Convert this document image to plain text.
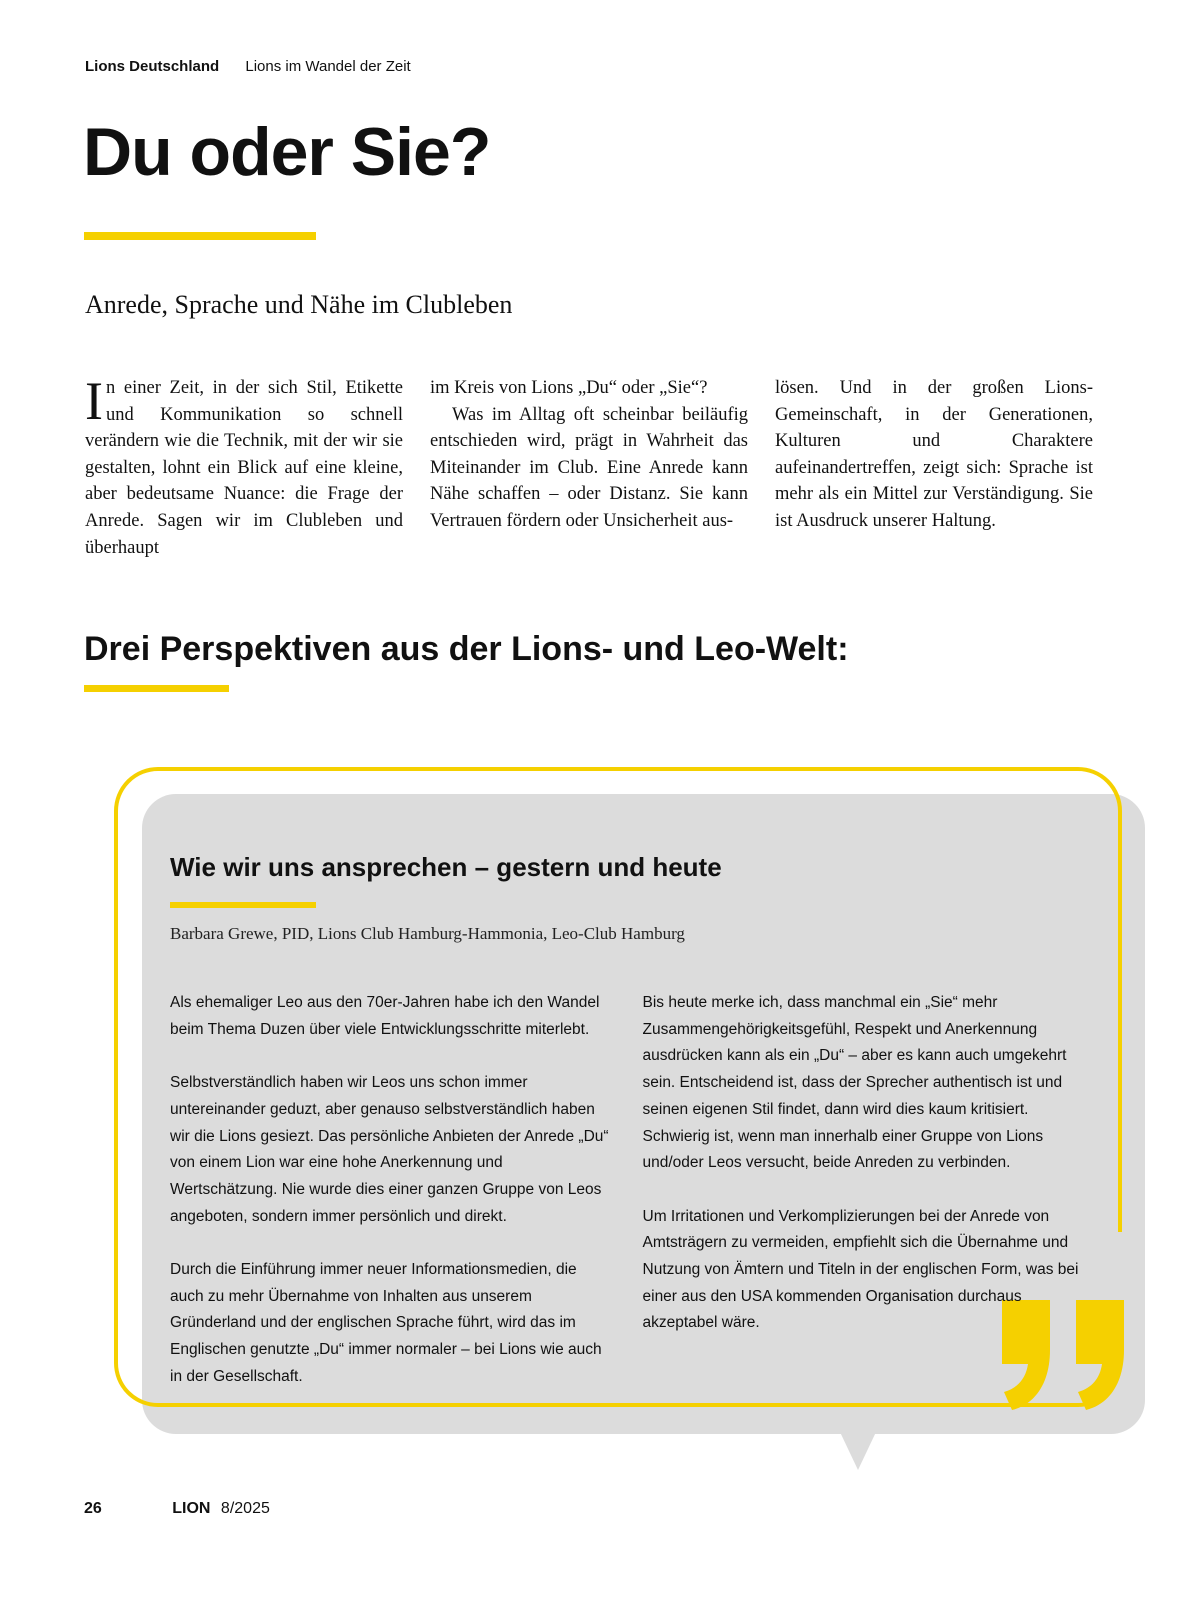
Lions Deutschland Lions im Wandel der Zeit
Du oder Sie?
Anrede, Sprache und Nähe im Clubleben

In einer Zeit, in der sich Stil, Etikette und Kommunikation so schnell verändern wie die Technik, mit der wir sie gestalten, lohnt ein Blick auf eine kleine, aber bedeutsame Nuance: die Frage der Anrede. Sagen wir im Clubleben und überhaupt

im Kreis von Lions „Du“ oder „Sie“?

Was im Alltag oft scheinbar beiläufig entschieden wird, prägt in Wahrheit das Miteinander im Club. Eine Anrede kann Nähe schaffen – oder Distanz. Sie kann Vertrauen fördern oder Unsicherheit aus-

lösen. Und in der großen Lions-Gemeinschaft, in der Generationen, Kulturen und Charaktere aufeinandertreffen, zeigt sich: Sprache ist mehr als ein Mittel zur Verständigung. Sie ist Ausdruck unserer Haltung.

Drei Perspektiven aus der Lions- und Leo-Welt:
Wie wir uns ansprechen – gestern und heute
Barbara Grewe, PID, Lions Club Hamburg-Hammonia, Leo-Club Hamburg

Als ehemaliger Leo aus den 70er-Jahren habe ich den Wandel beim Thema Duzen über viele Entwicklungsschritte miterlebt.

Selbstverständlich haben wir Leos uns schon immer untereinander geduzt, aber genauso selbstverständlich haben wir die Lions gesiezt. Das persönliche Anbieten der Anrede „Du“ von einem Lion war eine hohe Anerkennung und Wertschätzung. Nie wurde dies einer ganzen Gruppe von Leos angeboten, sondern immer persönlich und direkt.

Durch die Einführung immer neuer Informationsmedien, die auch zu mehr Übernahme von Inhalten aus unserem Gründerland und der englischen Sprache führt, wird das im Englischen genutzte „Du“ immer normaler – bei Lions wie auch in der Gesellschaft.

Bis heute merke ich, dass manchmal ein „Sie“ mehr Zusammengehörigkeitsgefühl, Respekt und Anerkennung ausdrücken kann als ein „Du“ – aber es kann auch umgekehrt sein. Entscheidend ist, dass der Sprecher authentisch ist und seinen eigenen Stil findet, dann wird dies kaum kritisiert. Schwierig ist, wenn man innerhalb einer Gruppe von Lions und/oder Leos versucht, beide Anreden zu verbinden.

Um Irritationen und Verkomplizierungen bei der Anrede von Amtsträgern zu vermeiden, empfiehlt sich die Übernahme und Nutzung von Ämtern und Titeln in der englischen Form, was bei einer aus den USA kommenden Organisation durchaus akzeptabel wäre.

26	LION 8/2025
